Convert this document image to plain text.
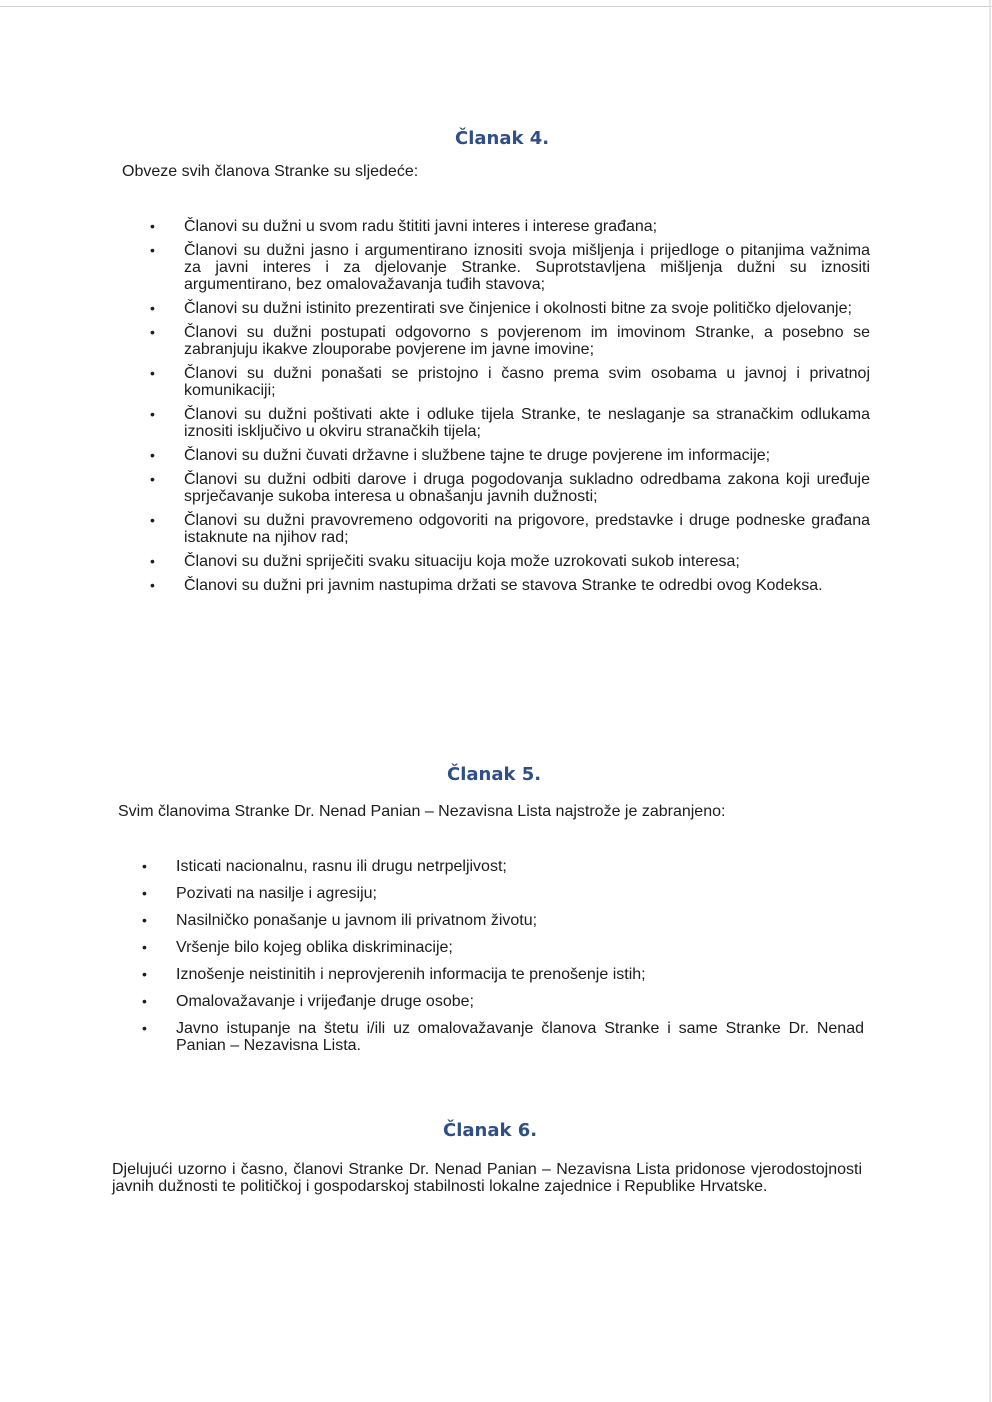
Članak 4.
Obveze svih članova Stranke su sljedeće:
• Članovi su dužni u svom radu štititi javni interes i interese građana;
• Članovi su dužni jasno i argumentirano iznositi svoja mišljenja i prijedloge o pitanjima važnima za javni interes i za djelovanje Stranke. Suprotstavljena mišljenja dužni su iznositi argumentirano, bez omalovažavanja tuđih stavova;
• Članovi su dužni istinito prezentirati sve činjenice i okolnosti bitne za svoje političko djelovanje;
• Članovi su dužni postupati odgovorno s povjerenom im imovinom Stranke, a posebno se zabranjuju ikakve zlouporabe povjerene im javne imovine;
• Članovi su dužni ponašati se pristojno i časno prema svim osobama u javnoj i privatnoj komunikaciji;
• Članovi su dužni poštivati akte i odluke tijela Stranke, te neslaganje sa stranačkim odlukama iznositi isključivo u okviru stranačkih tijela;
• Članovi su dužni čuvati državne i službene tajne te druge povjerene im informacije;
• Članovi su dužni odbiti darove i druga pogodovanja sukladno odredbama zakona koji uređuje sprječavanje sukoba interesa u obnašanju javnih dužnosti;
• Članovi su dužni pravovremeno odgovoriti na prigovore, predstavke i druge podneske građana istaknute na njihov rad;
• Članovi su dužni spriječiti svaku situaciju koja može uzrokovati sukob interesa;
• Članovi su dužni pri javnim nastupima držati se stavova Stranke te odredbi ovog Kodeksa.
Članak 5.
Svim članovima Stranke Dr. Nenad Panian – Nezavisna Lista najstrože je zabranjeno:
• Isticati nacionalnu, rasnu ili drugu netrpeljivost;
• Pozivati na nasilje i agresiju;
• Nasilničko ponašanje u javnom ili privatnom životu;
• Vršenje bilo kojeg oblika diskriminacije;
• Iznošenje neistinitih i neprovjerenih informacija te prenošenje istih;
• Omalovažavanje i vrijeđanje druge osobe;
• Javno istupanje na štetu i/ili uz omalovažavanje članova Stranke i same Stranke Dr. Nenad Panian – Nezavisna Lista.
Članak 6.
Djelujući uzorno i časno, članovi Stranke Dr. Nenad Panian – Nezavisna Lista pridonose vjerodostojnosti javnih dužnosti te političkoj i gospodarskoj stabilnosti lokalne zajednice i Republike Hrvatske.
